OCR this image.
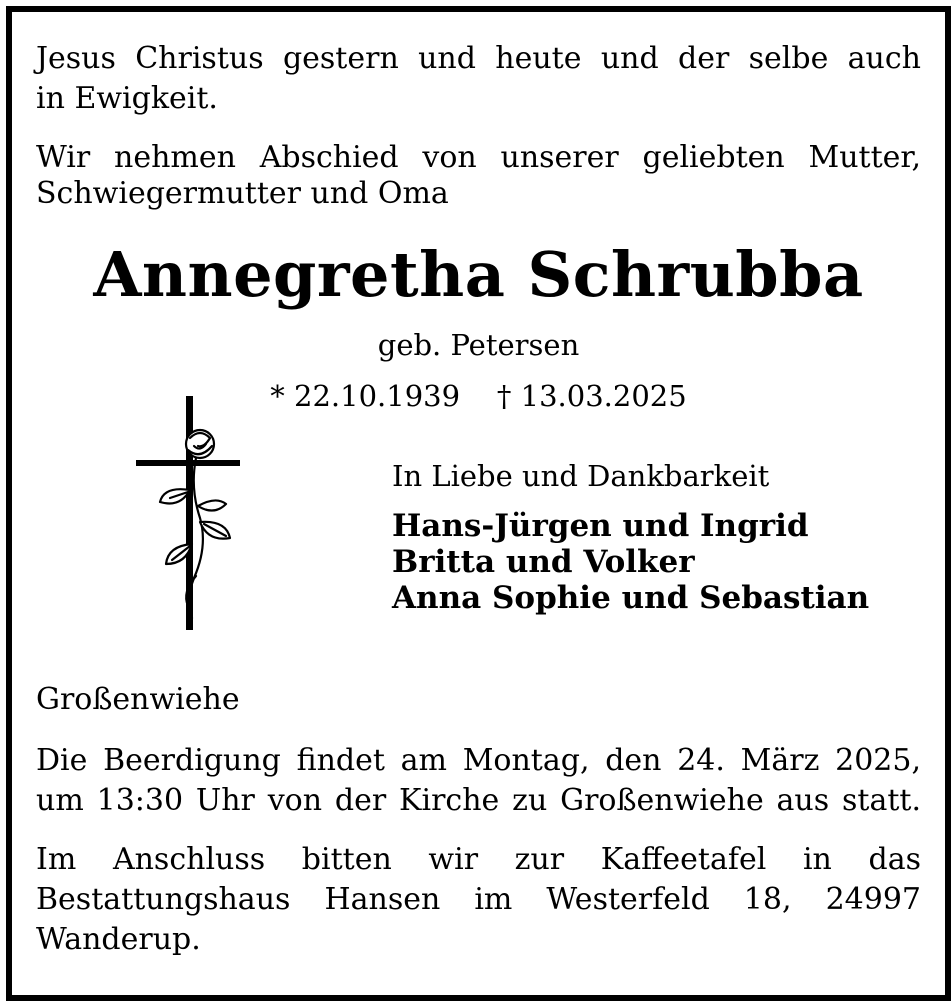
Jesus Christus gestern und heute und der selbe auch
in Ewigkeit.
Wir nehmen Abschied von unserer geliebten Mutter,
Schwiegermutter und Oma
Annegretha Schrubba
geb. Petersen
* 22.10.1939    † 13.03.2025
In Liebe und Dankbarkeit
Hans-Jürgen und Ingrid
Britta und Volker
Anna Sophie und Sebastian
Großenwiehe
Die Beerdigung findet am Montag, den 24. März 2025,
um 13:30 Uhr von der Kirche zu Großenwiehe aus statt.
Im Anschluss bitten wir zur Kaffeetafel in das
Bestattungshaus Hansen im Westerfeld 18, 24997
Wanderup.
